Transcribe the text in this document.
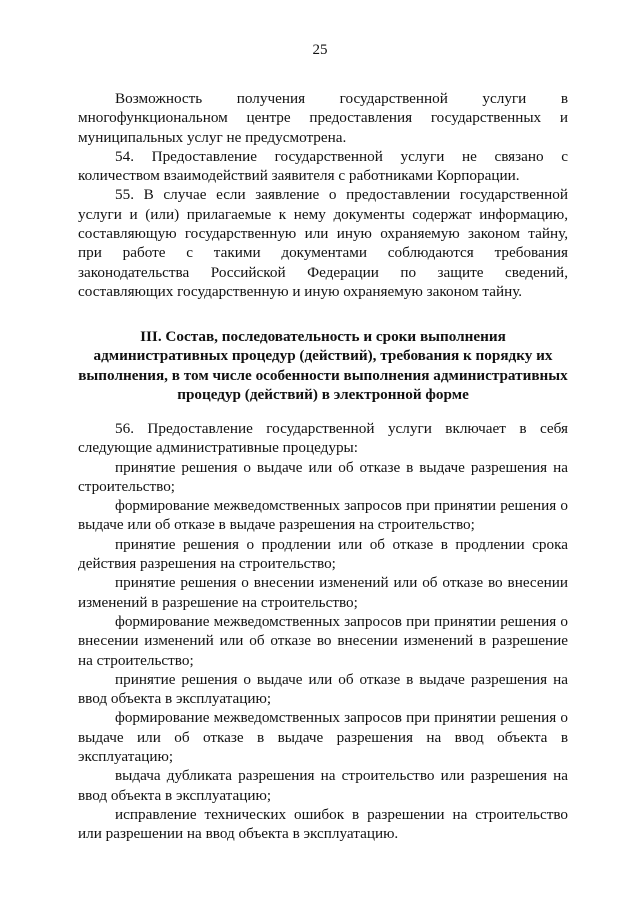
25

Возможность получения государственной услуги в многофункциональном центре предоставления государственных и муниципальных услуг не предусмотрена.

54. Предоставление государственной услуги не связано с количеством взаимодействий заявителя с работниками Корпорации.

55. В случае если заявление о предоставлении государственной услуги и (или) прилагаемые к нему документы содержат информацию, составляющую государственную или иную охраняемую законом тайну, при работе с такими документами соблюдаются требования законодательства Российской Федерации по защите сведений, составляющих государственную и иную охраняемую законом тайну.

III. Состав, последовательность и сроки выполнения
административных процедур (действий), требования к порядку их
выполнения, в том числе особенности выполнения административных
процедур (действий) в электронной форме

56. Предоставление государственной услуги включает в себя следующие административные процедуры:

принятие решения о выдаче или об отказе в выдаче разрешения на строительство;

формирование межведомственных запросов при принятии решения о выдаче или об отказе в выдаче разрешения на строительство;

принятие решения о продлении или об отказе в продлении срока действия разрешения на строительство;

принятие решения о внесении изменений или об отказе во внесении изменений в разрешение на строительство;

формирование межведомственных запросов при принятии решения о внесении изменений или об отказе во внесении изменений в разрешение на строительство;

принятие решения о выдаче или об отказе в выдаче разрешения на ввод объекта в эксплуатацию;

формирование межведомственных запросов при принятии решения о выдаче или об отказе в выдаче разрешения на ввод объекта в эксплуатацию;

выдача дубликата разрешения на строительство или разрешения на ввод объекта в эксплуатацию;

исправление технических ошибок в разрешении на строительство или разрешении на ввод объекта в эксплуатацию.
